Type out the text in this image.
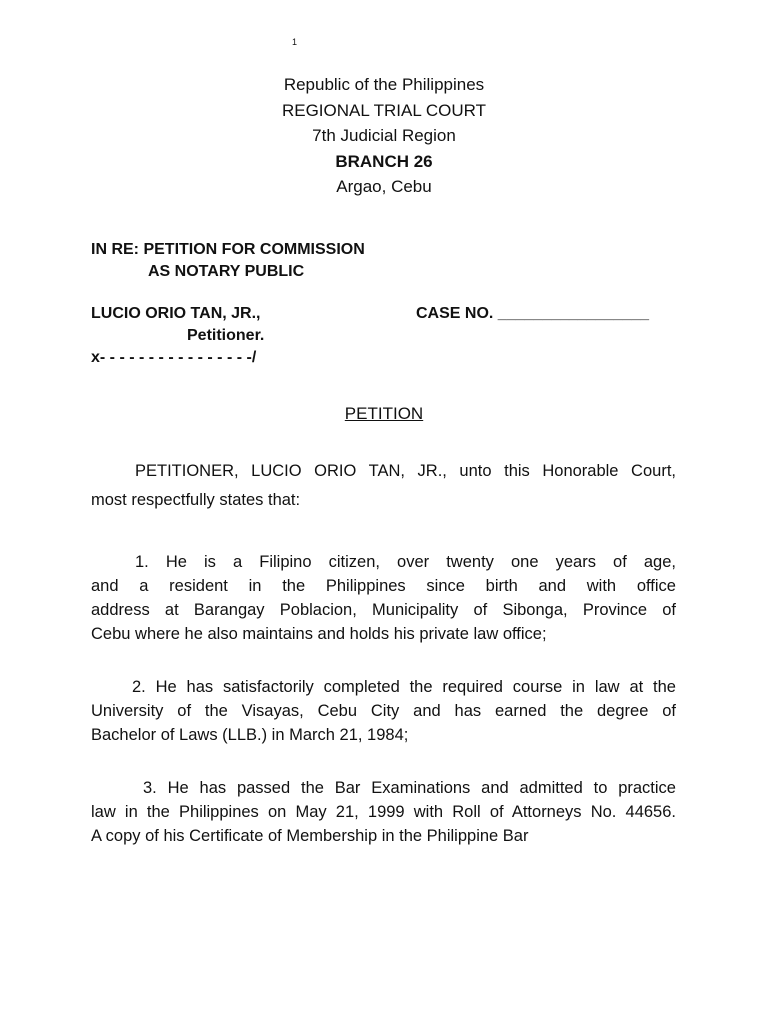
1
Republic of the Philippines
REGIONAL TRIAL COURT
7th Judicial Region
BRANCH 26
Argao, Cebu
IN RE: PETITION FOR COMMISSION
AS NOTARY PUBLIC
LUCIO ORIO TAN, JR.,	CASE NO. _________________
Petitioner.
x- - - - - - - - - - - - - - - -/
PETITION
PETITIONER, LUCIO ORIO TAN, JR., unto this Honorable Court,
most respectfully states that:
1. He is a Filipino citizen, over twenty one years of age,
and a resident in the Philippines since birth and with office
address at Barangay Poblacion, Municipality of Sibonga, Province of
Cebu where he also maintains and holds his private law office;
2. He has satisfactorily completed the required course in law at the
University of the Visayas, Cebu City and has earned the degree of
Bachelor of Laws (LLB.) in March 21, 1984;
3. He has passed the Bar Examinations and admitted to practice
law in the Philippines on May 21, 1999 with Roll of Attorneys No. 44656.
A copy of his Certificate of Membership in the Philippine Bar
